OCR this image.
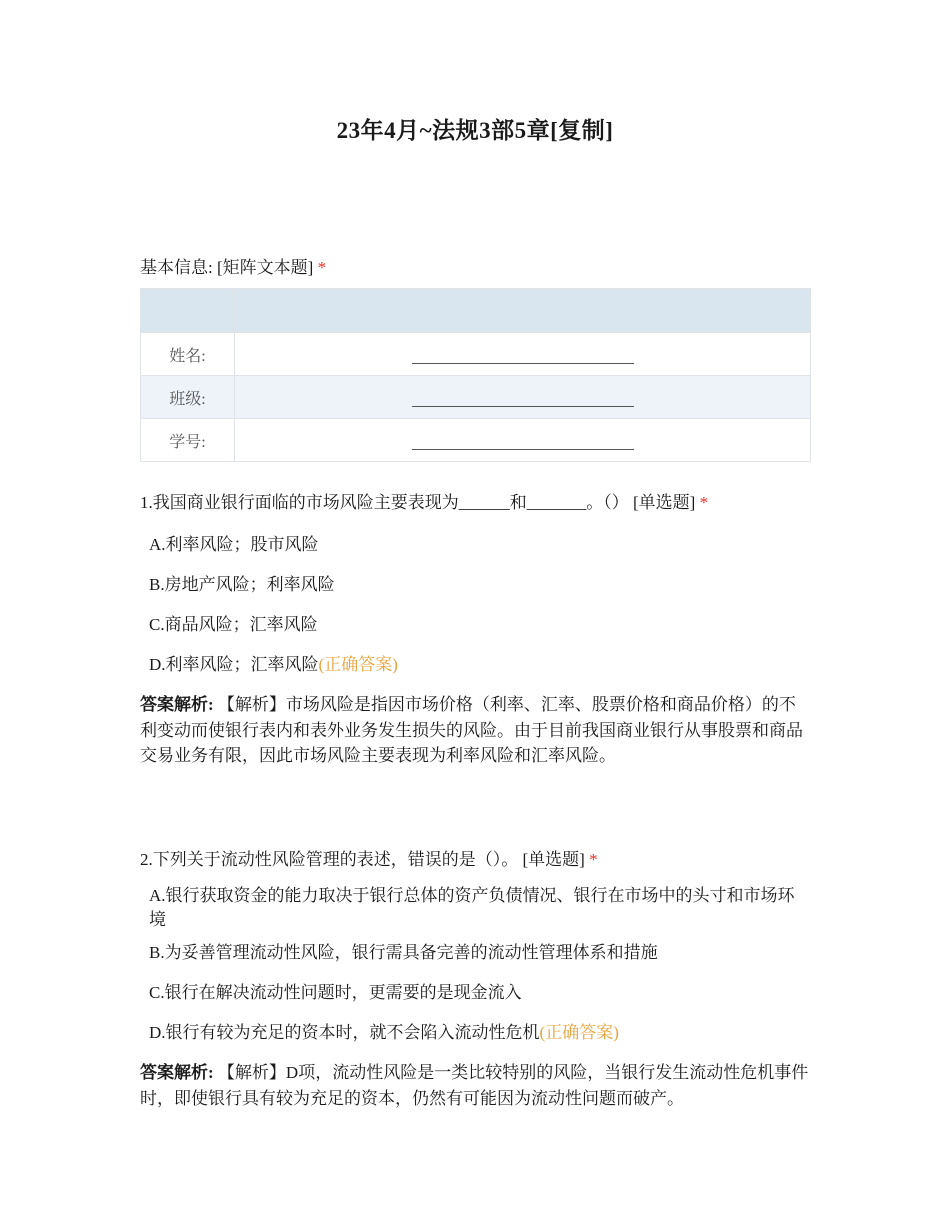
23年4月~法规3部5章[复制]
基本信息: [矩阵文本题] *

姓名:	
班级:	
学号:	
1.我国商业银行面临的市场风险主要表现为______和_______。（） [单选题] *
A.利率风险；股市风险
B.房地产风险；利率风险
C.商品风险；汇率风险
D.利率风险；汇率风险(正确答案)
答案解析: 【解析】市场风险是指因市场价格（利率、汇率、股票价格和商品价格）的不利变动而使银行表内和表外业务发生损失的风险。由于目前我国商业银行从事股票和商品交易业务有限，因此市场风险主要表现为利率风险和汇率风险。
2.下列关于流动性风险管理的表述，错误的是（）。 [单选题] *
A.银行获取资金的能力取决于银行总体的资产负债情况、银行在市场中的头寸和市场环境
B.为妥善管理流动性风险，银行需具备完善的流动性管理体系和措施
C.银行在解决流动性问题时，更需要的是现金流入
D.银行有较为充足的资本时，就不会陷入流动性危机(正确答案)
答案解析: 【解析】D项，流动性风险是一类比较特别的风险，当银行发生流动性危机事件时，即使银行具有较为充足的资本，仍然有可能因为流动性问题而破产。
